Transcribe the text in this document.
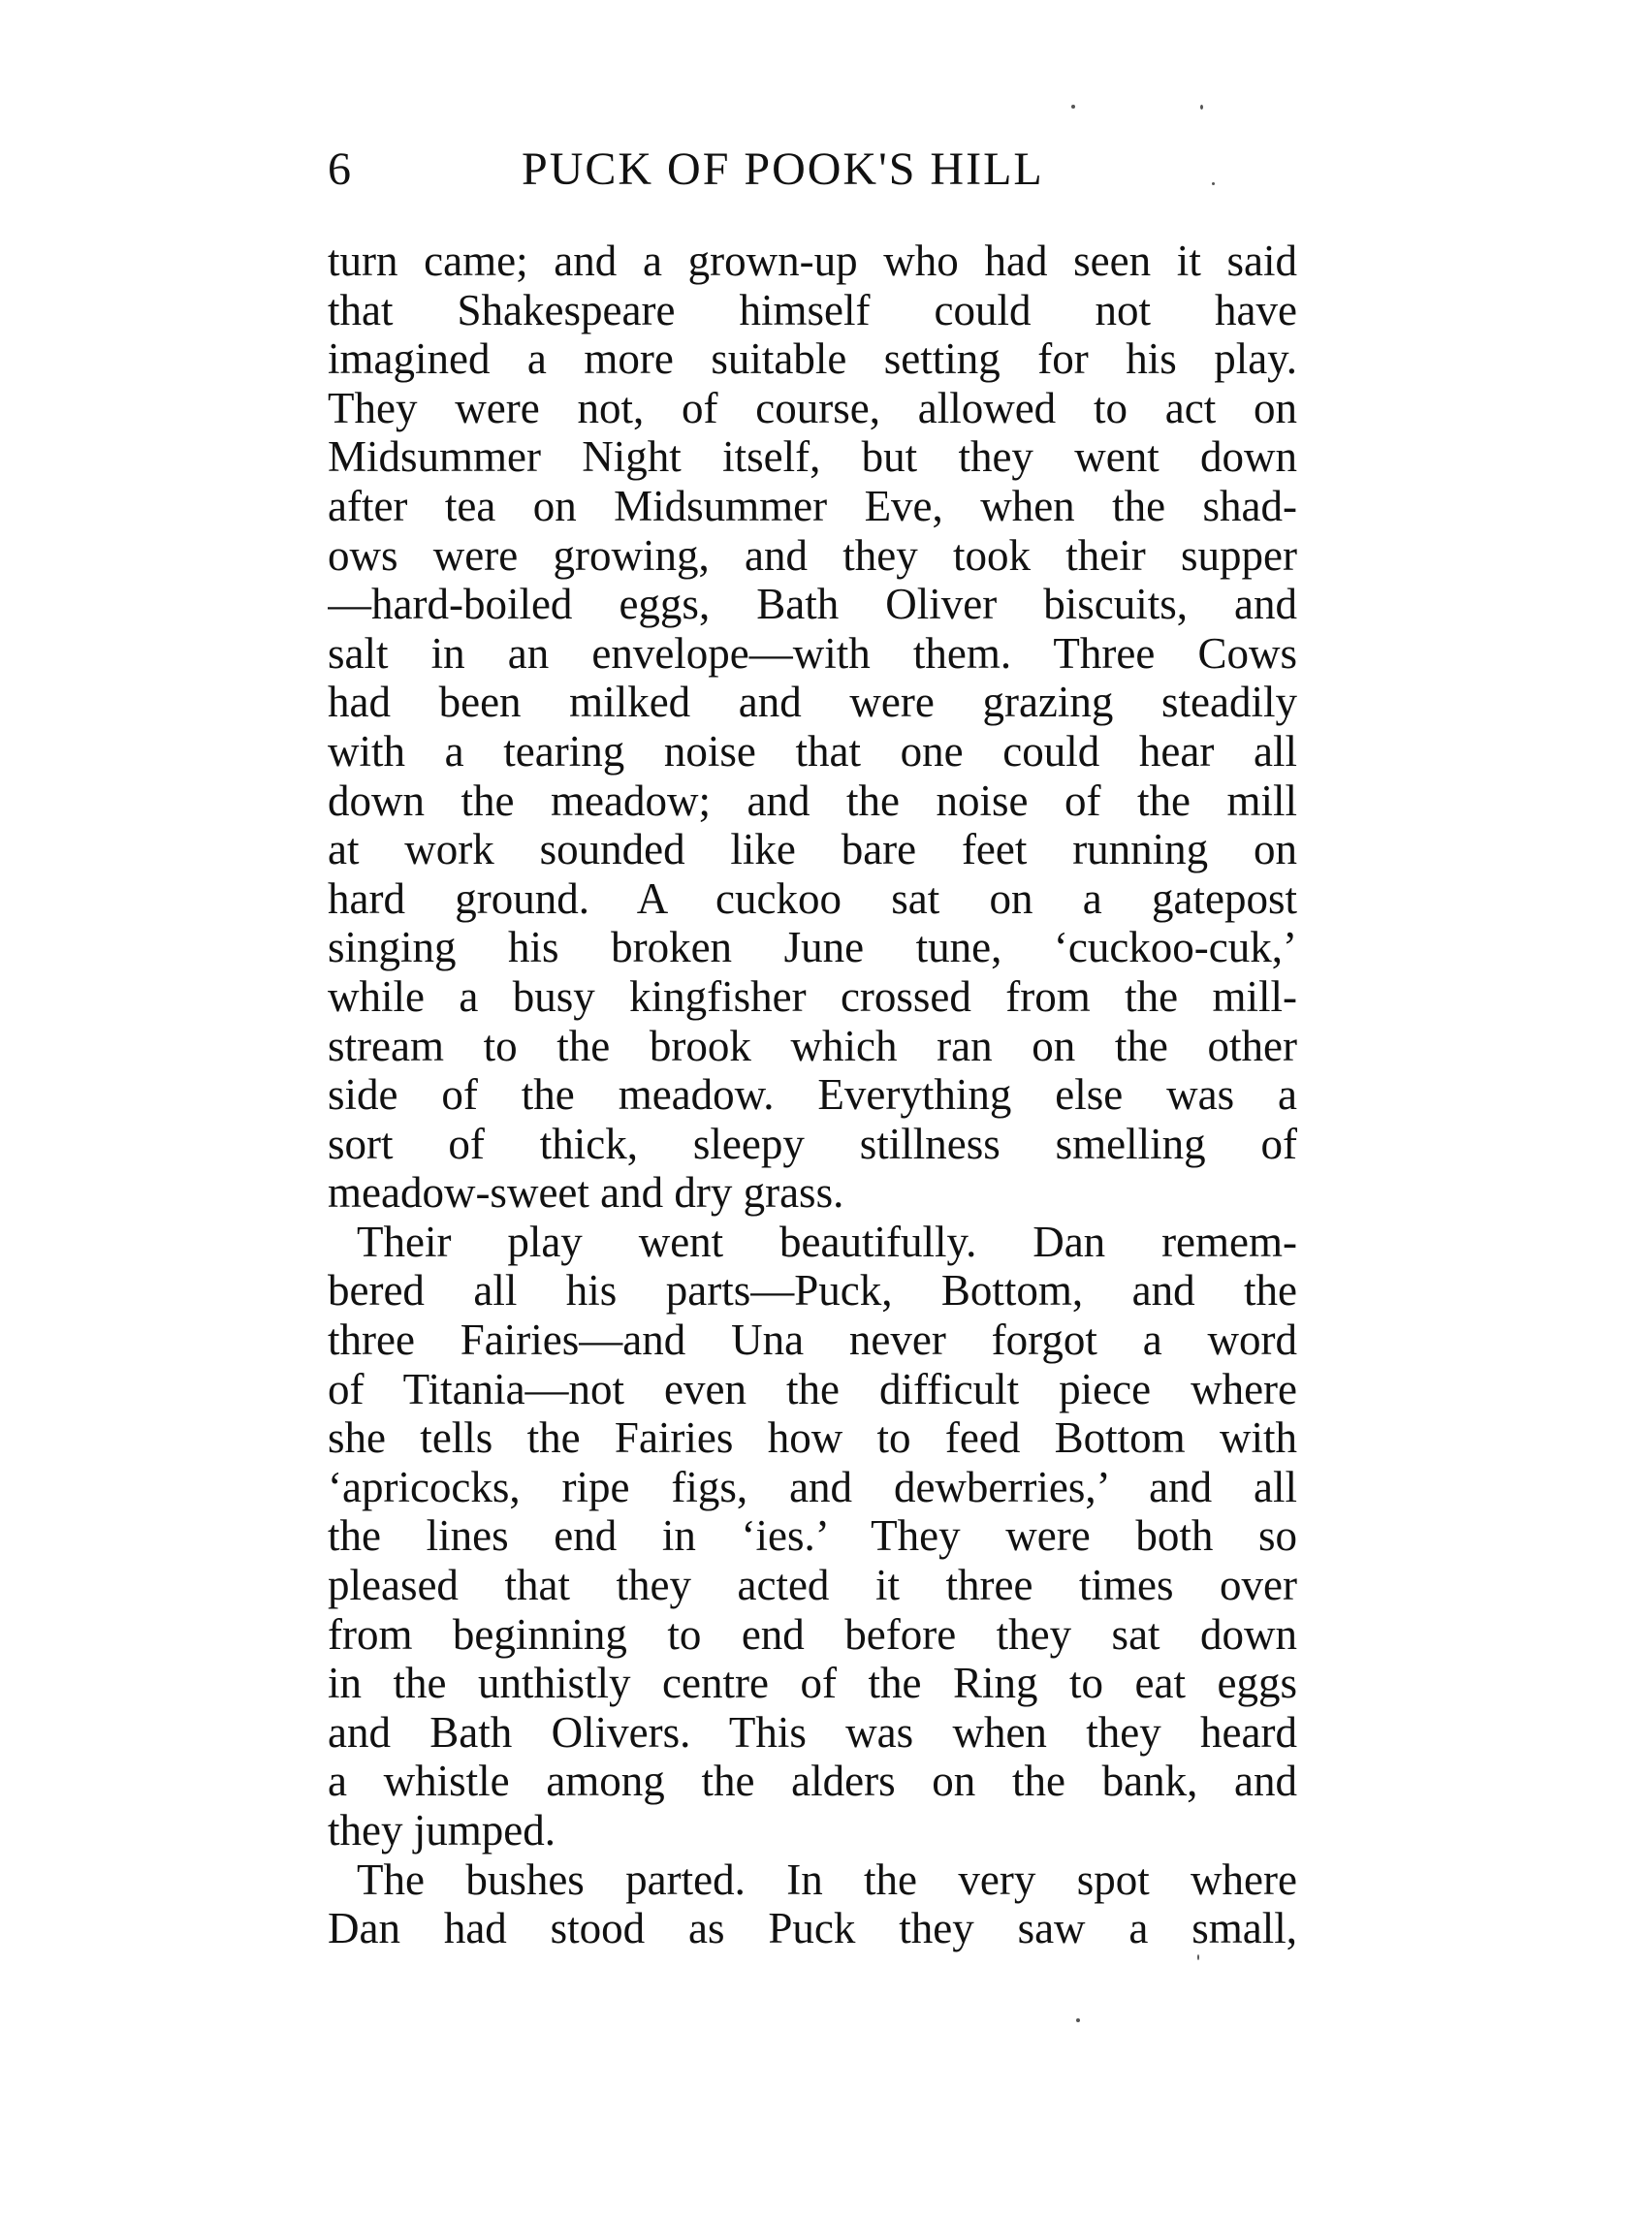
6	PUCK OF POOK'S HILL
turn came; and a grown-up who had seen it said
that Shakespeare himself could not have
imagined a more suitable setting for his play.
They were not, of course, allowed to act on
Midsummer Night itself, but they went down
after tea on Midsummer Eve, when the shad-
ows were growing, and they took their supper
—hard-boiled eggs, Bath Oliver biscuits, and
salt in an envelope—with them. Three Cows
had been milked and were grazing steadily
with a tearing noise that one could hear all
down the meadow; and the noise of the mill
at work sounded like bare feet running on
hard ground. A cuckoo sat on a gatepost
singing his broken June tune, ‘cuckoo-cuk,’
while a busy kingfisher crossed from the mill-
stream to the brook which ran on the other
side of the meadow. Everything else was a
sort of thick, sleepy stillness smelling of
meadow-sweet and dry grass.
Their play went beautifully. Dan remem-
bered all his parts—Puck, Bottom, and the
three Fairies—and Una never forgot a word
of Titania—not even the difficult piece where
she tells the Fairies how to feed Bottom with
‘apricocks, ripe figs, and dewberries,’ and all
the lines end in ‘ies.’ They were both so
pleased that they acted it three times over
from beginning to end before they sat down
in the unthistly centre of the Ring to eat eggs
and Bath Olivers. This was when they heard
a whistle among the alders on the bank, and
they jumped.
The bushes parted. In the very spot where
Dan had stood as Puck they saw a small,
